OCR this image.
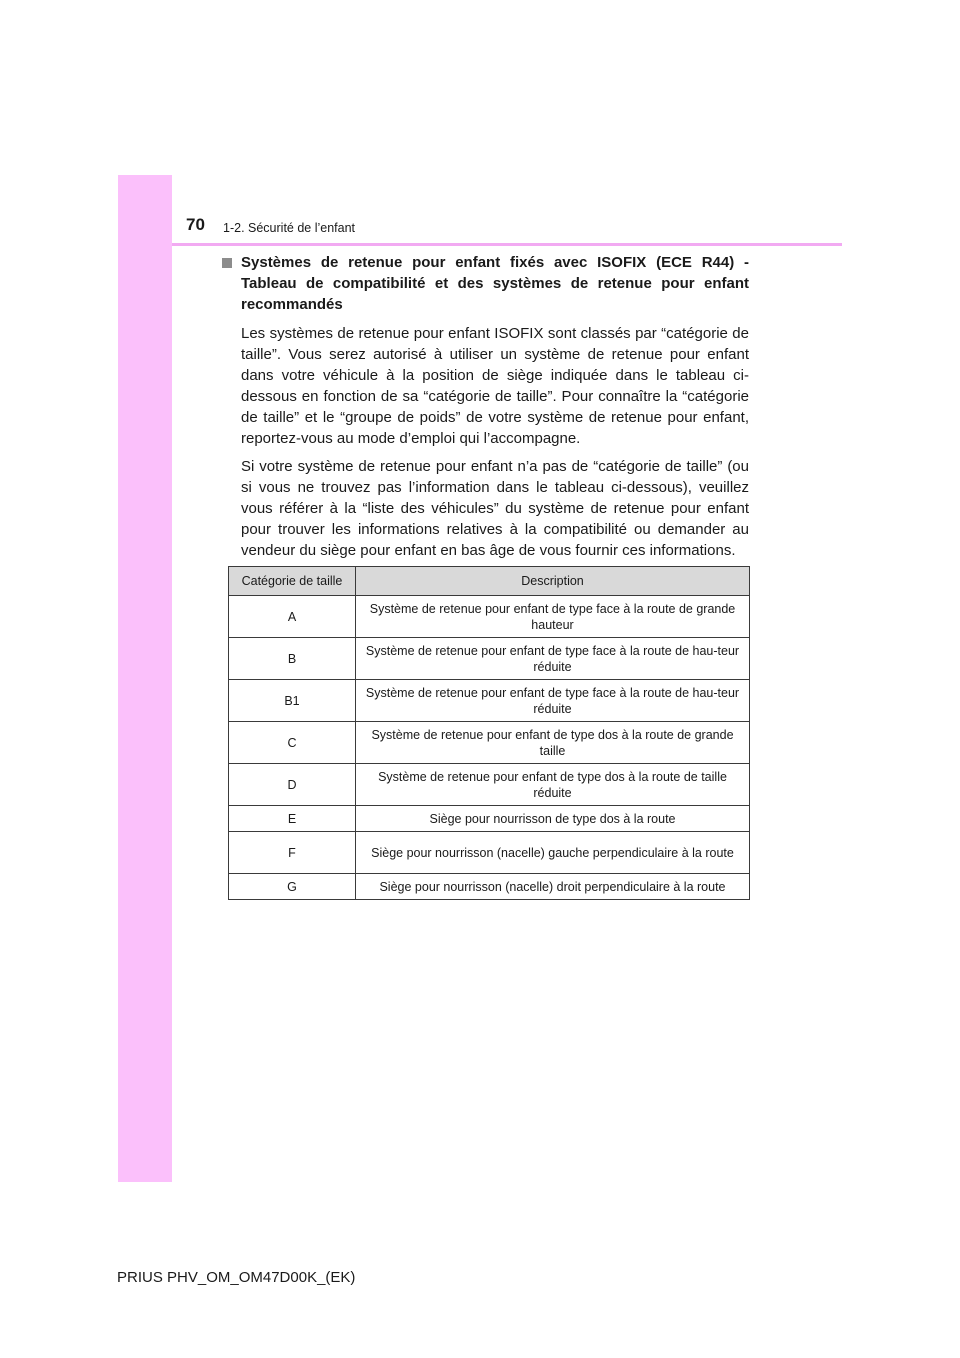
70 1-2. Sécurité de l’enfant
Systèmes de retenue pour enfant fixés avec ISOFIX (ECE R44) - Tableau de compatibilité et des systèmes de retenue pour enfant recommandés

Les systèmes de retenue pour enfant ISOFIX sont classés par “catégorie de taille”. Vous serez autorisé à utiliser un système de retenue pour enfant dans votre véhicule à la position de siège indiquée dans le tableau ci-dessous en fonction de sa “catégorie de taille”. Pour connaître la “catégorie de taille” et le “groupe de poids” de votre système de retenue pour enfant, reportez-vous au mode d’emploi qui l’accompagne.

Si votre système de retenue pour enfant n’a pas de “catégorie de taille” (ou si vous ne trouvez pas l’information dans le tableau ci-dessous), veuillez vous référer à la “liste des véhicules” du système de retenue pour enfant pour trouver les informations relatives à la compatibilité ou demander au vendeur du siège pour enfant en bas âge de vous fournir ces informations.

Catégorie de taille	Description
A	Système de retenue pour enfant de type face à la route de grande hauteur
B	Système de retenue pour enfant de type face à la route de hau-teur réduite
B1	Système de retenue pour enfant de type face à la route de hau-teur réduite
C	Système de retenue pour enfant de type dos à la route de grande taille
D	Système de retenue pour enfant de type dos à la route de taille réduite
E	Siège pour nourrisson de type dos à la route
F	Siège pour nourrisson (nacelle) gauche perpendiculaire à la route
G	Siège pour nourrisson (nacelle) droit perpendiculaire à la route
PRIUS PHV_OM_OM47D00K_(EK)
